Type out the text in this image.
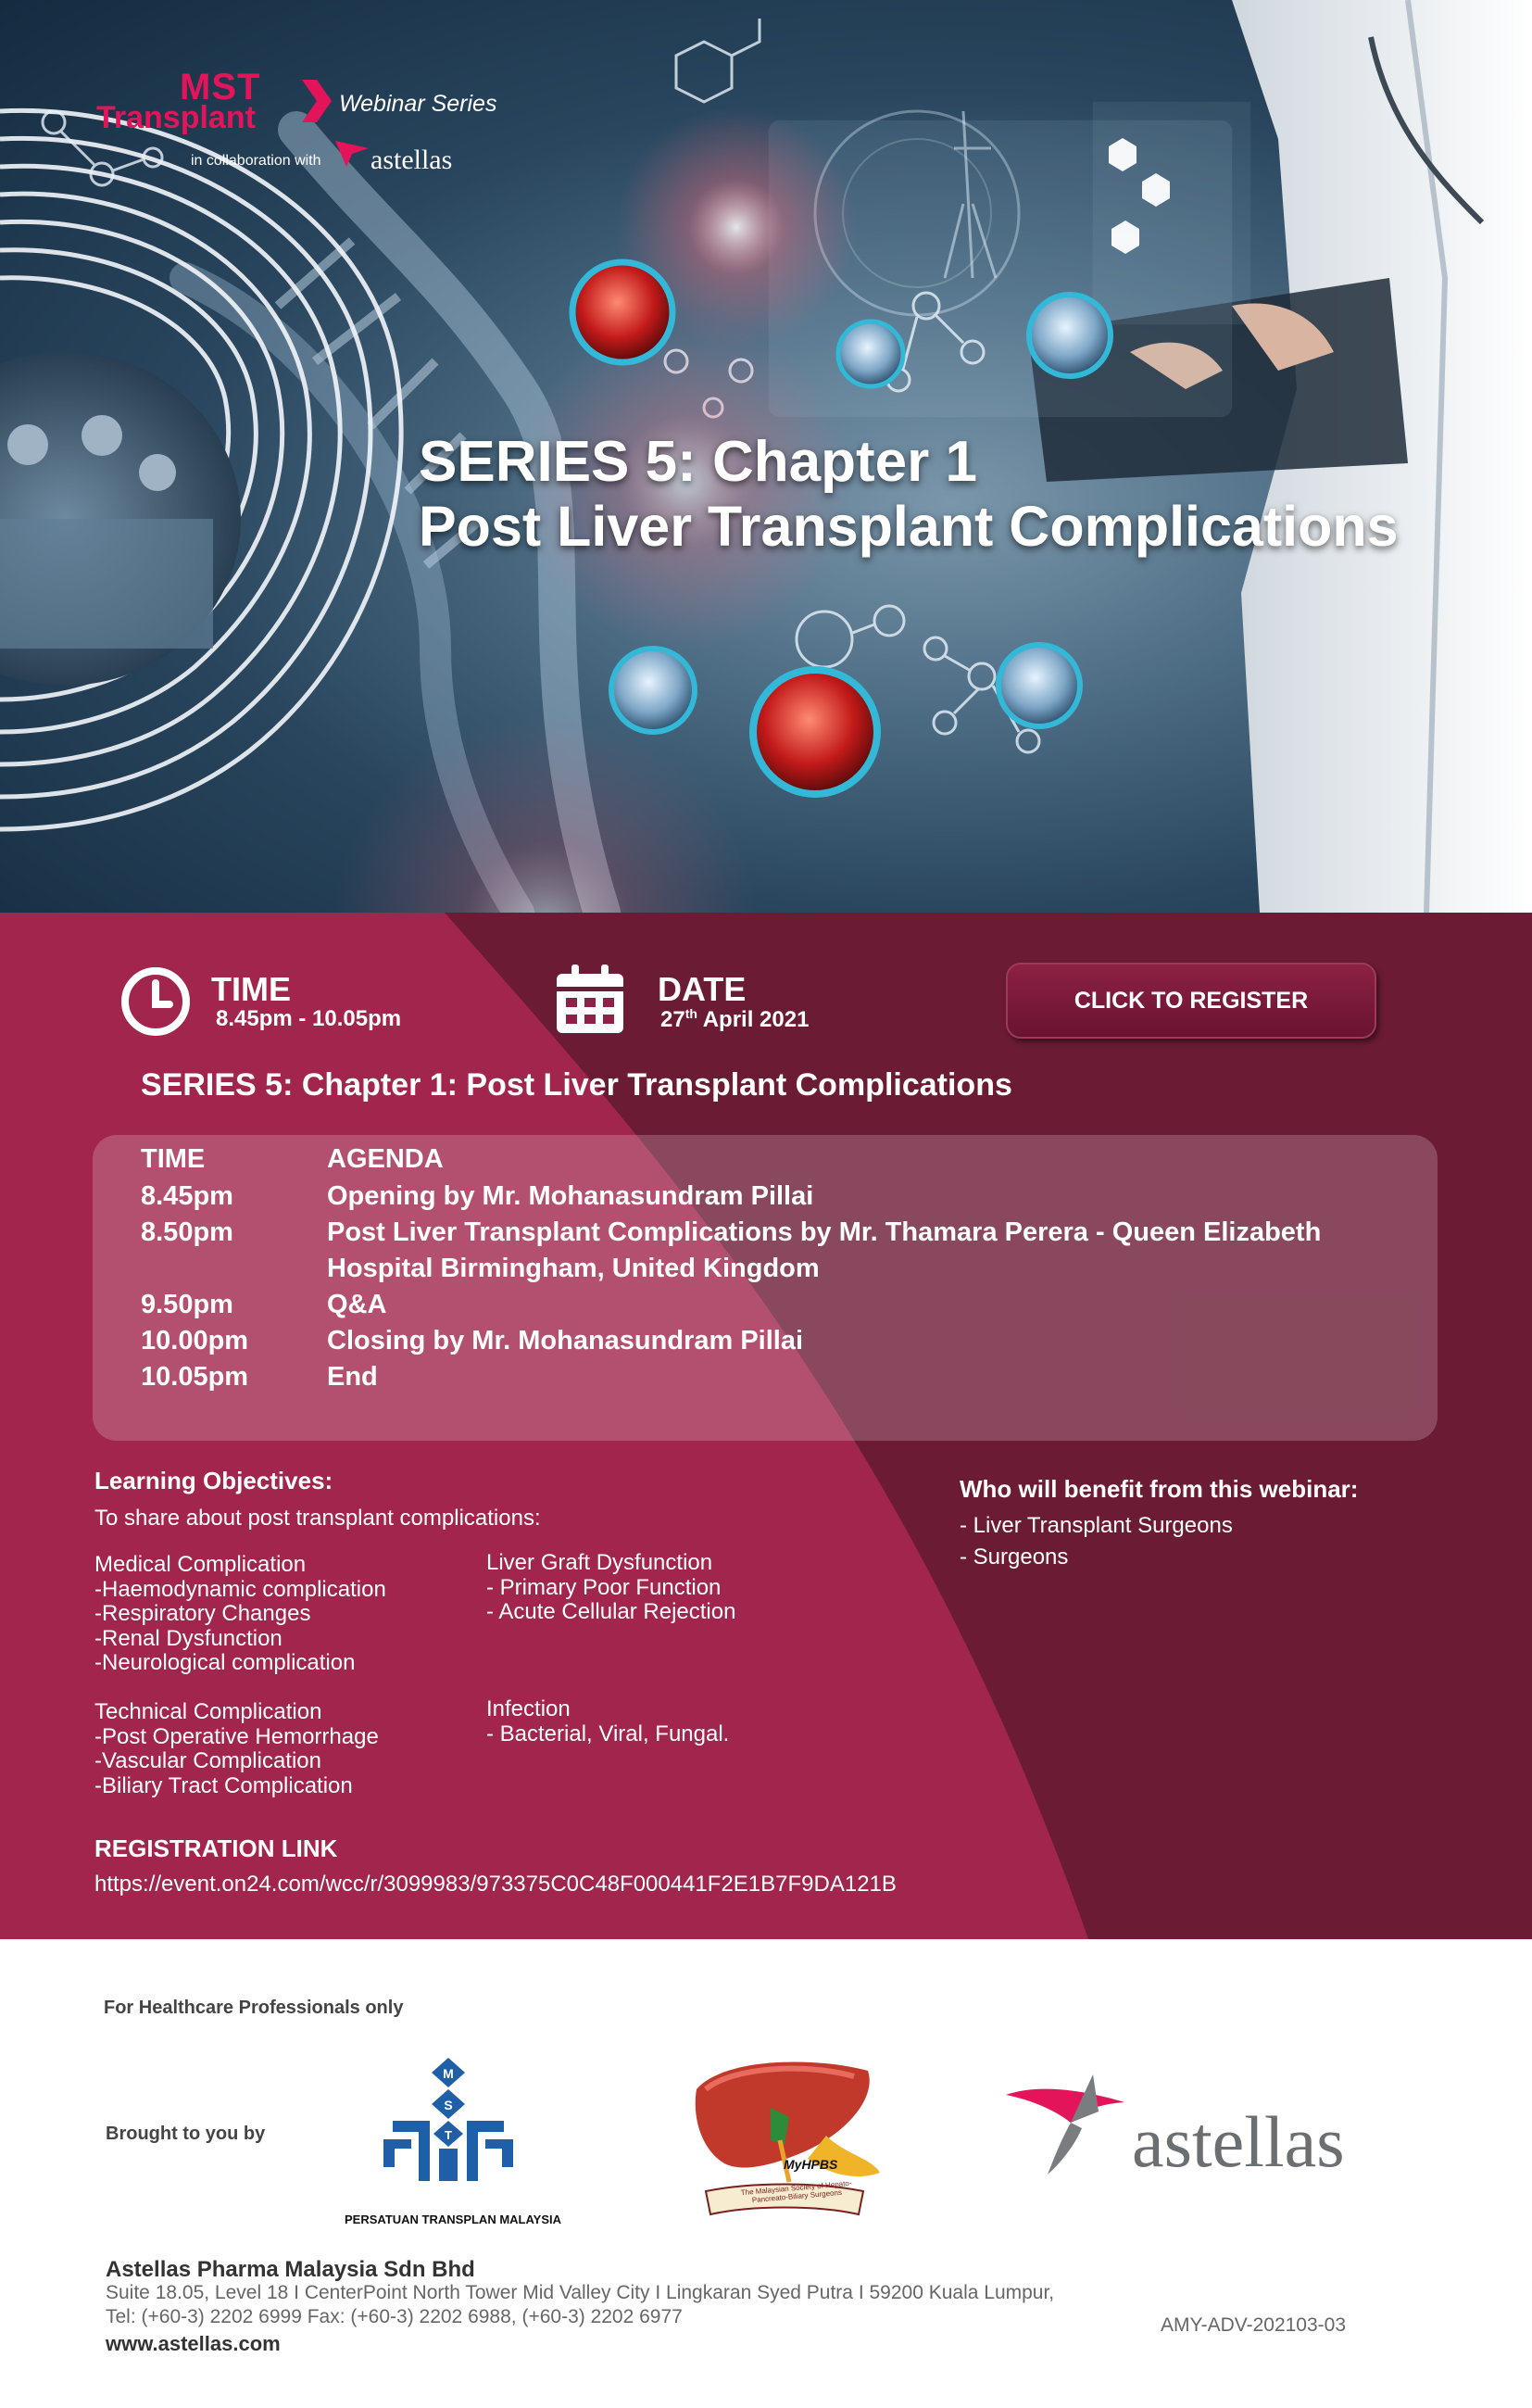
MST
Transplant	Webinar Series
in collaboration with astellas
SERIES 5: Chapter 1
Post Liver Transplant Complications
TIME
8.45pm - 10.05pm
DATE
27th April 2021
CLICK TO REGISTER
SERIES 5: Chapter 1: Post Liver Transplant Complications
TIME	AGENDA
8.45pm	Opening by Mr. Mohanasundram Pillai
8.50pm	Post Liver Transplant Complications by Mr. Thamara Perera - Queen Elizabeth
Hospital Birmingham, United Kingdom
9.50pm	Q&A
10.00pm	Closing by Mr. Mohanasundram Pillai
10.05pm	End
Learning Objectives:
To share about post transplant complications:
Medical Complication
-Haemodynamic complication
-Respiratory Changes
-Renal Dysfunction
-Neurological complication
Technical Complication
-Post Operative Hemorrhage
-Vascular Complication
-Biliary Tract Complication
Liver Graft Dysfunction
- Primary Poor Function
- Acute Cellular Rejection
Infection
- Bacterial, Viral, Fungal.
Who will benefit from this webinar:
- Liver Transplant Surgeons
- Surgeons
REGISTRATION LINK
https://event.on24.com/wcc/r/3099983/973375C0C48F000441F2E1B7F9DA121B
For Healthcare Professionals only
Brought to you by
M
S
T
PERSATUAN TRANSPLAN MALAYSIA
MyHPBS
The Malaysian Society of Hepato-Pancreato-Biliary Surgeons
astellas
Astellas Pharma Malaysia Sdn Bhd
Suite 18.05, Level 18 I CenterPoint North Tower Mid Valley City I Lingkaran Syed Putra I 59200 Kuala Lumpur,
Tel: (+60-3) 2202 6999 Fax: (+60-3) 2202 6988, (+60-3) 2202 6977
www.astellas.com
AMY-ADV-202103-03
